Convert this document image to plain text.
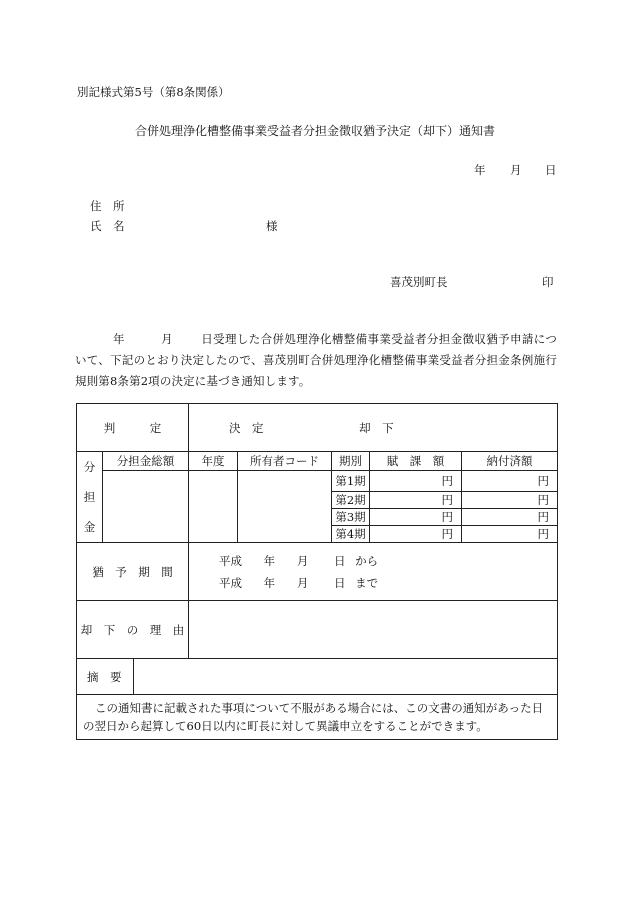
別記様式第5号（第8条関係）
合併処理浄化槽整備事業受益者分担金徴収猶予決定（却下）通知書
年 月 日
住　所
氏　名	様
喜茂別町長	印
年	月 日受理した合併処理浄化槽整備事業受益者分担金徴収猶予申請について、下記のとおり決定したので、喜茂別町合併処理浄化槽整備事業受益者分担金条例施行規則第8条第2項の決定に基づき通知します。
判　　　定		決　定 却　下				
分
担
金	分担金総額	年度	所有者コード	期別	賦　課　額	納付済額
				第1期	円	円
				第2期	円	円
				第3期	円	円
				第4期	円	円
猶　予　期　間		平成 年 月 日 から
平成 年 月 日 まで				

却　下　の　理　由						

摘　要						

この通知書に記載された事項について不服がある場合には、この文書の通知があった日の翌日から起算して60日以内に町長に対して異議申立をすることができます。						
